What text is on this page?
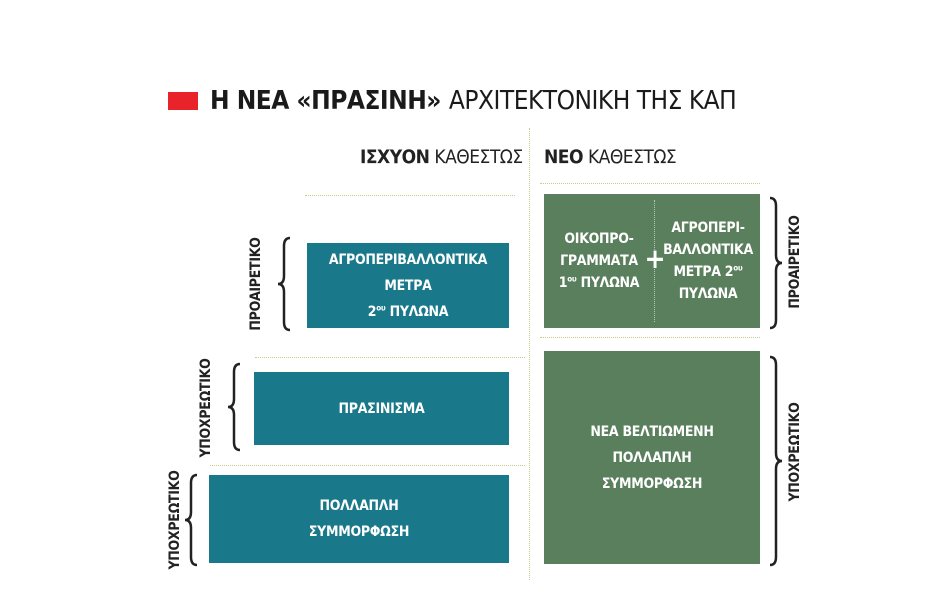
Η ΝΕΑ «ΠΡΑΣΙΝΗ» ΑΡΧΙΤΕΚΤΟΝΙΚΗ ΤΗΣ ΚΑΠ
ΙΣΧΥΟΝ ΚΑΘΕΣΤΩΣ ΝΕΟ ΚΑΘΕΣΤΩΣ
ΑΓΡΟΠΕΡΙΒΑΛΛΟΝΤΙΚΑ ΜΕΤΡΑ
$2^{o\upsilon}$ ΠΥΛΩΝΑ
ΠΡΑΣΙΝΙΣΜΑ
ΠΟΛΛΑΠΛΗ
ΣΥΜΜΟΡΦΩΣΗ
ΠΡΟΑΙΡΕΤΙΚΟ
ΥΠΟΧΡΕΩΤΙΚΟ
ΥΠΟΧΡΕΩΤΙΚΟ
ΟΙΚΟΠΡΟ-
ΓΡΑΜΜΑΤΑ
$1^{o\upsilon}$ ΠΥΛΩΝΑ
+
ΑΓΡΟΠΕΡΙ-
ΒΑΛΛΟΝΤΙΚΑ
ΜΕΤΡΑ $2^{o\upsilon}$
ΠΥΛΩΝΑ
ΝΕΑ ΒΕΛΤΙΩΜΕΝΗ
ΠΟΛΛΑΠΛΗ
ΣΥΜΜΟΡΦΩΣΗ
ΠΡΟΑΙΡΕΤΙΚΟ
ΥΠΟΧΡΕΩΤΙΚΟ
